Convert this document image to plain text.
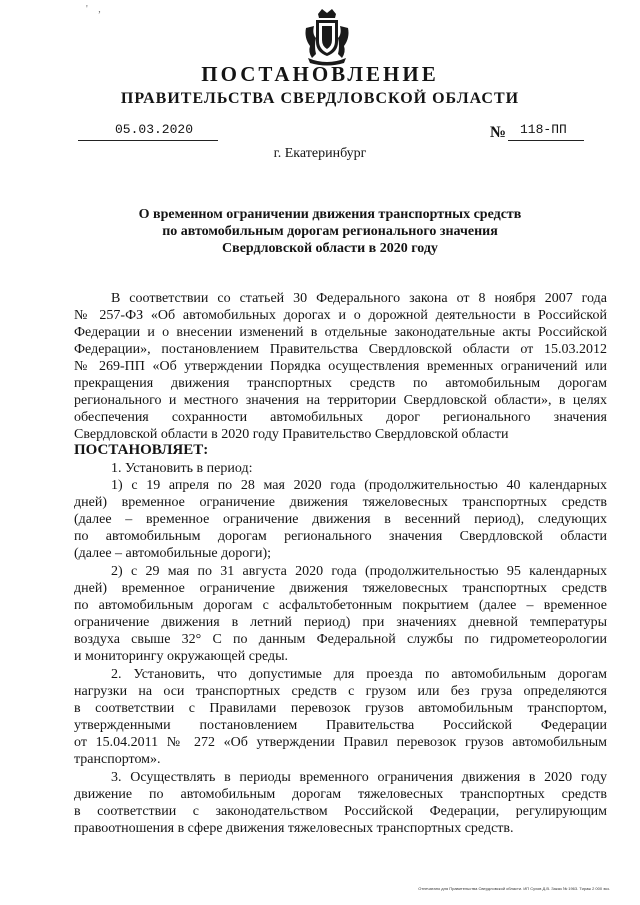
' ,
ПОСТАНОВЛЕНИЕ
ПРАВИТЕЛЬСТВА СВЕРДЛОВСКОЙ ОБЛАСТИ
05.03.2020	№ 118-ПП
г. Екатеринбург
О временном ограничении движения транспортных средств
по автомобильным дорогам регионального значения
Свердловской области в 2020 году
В соответствии со статьей 30 Федерального закона от 8 ноября 2007 года
№ 257-ФЗ «Об автомобильных дорогах и о дорожной деятельности в Российской
Федерации и о внесении изменений в отдельные законодательные акты Российской
Федерации», постановлением Правительства Свердловской области от 15.03.2012
№ 269-ПП «Об утверждении Порядка осуществления временных ограничений или
прекращения движения транспортных средств по автомобильным дорогам
регионального и местного значения на территории Свердловской области», в целях
обеспечения сохранности автомобильных дорог регионального значения
Свердловской области в 2020 году Правительство Свердловской области
ПОСТАНОВЛЯЕТ:
1. Установить в период:
1) с 19 апреля по 28 мая 2020 года (продолжительностью 40 календарных
дней) временное ограничение движения тяжеловесных транспортных средств
(далее – временное ограничение движения в весенний период), следующих
по автомобильным дорогам регионального значения Свердловской области
(далее – автомобильные дороги);
2) с 29 мая по 31 августа 2020 года (продолжительностью 95 календарных
дней) временное ограничение движения тяжеловесных транспортных средств
по автомобильным дорогам с асфальтобетонным покрытием (далее – временное
ограничение движения в летний период) при значениях дневной температуры
воздуха свыше 32° С по данным Федеральной службы по гидрометеорологии
и мониторингу окружающей среды.
2. Установить, что допустимые для проезда по автомобильным дорогам
нагрузки на оси транспортных средств с грузом или без груза определяются
в соответствии с Правилами перевозок грузов автомобильным транспортом,
утвержденными постановлением Правительства Российской Федерации
от 15.04.2011 № 272 «Об утверждении Правил перевозок грузов автомобильным
транспортом».
3. Осуществлять в периоды временного ограничения движения в 2020 году
движение по автомобильным дорогам тяжеловесных транспортных средств
в соответствии с законодательством Российской Федерации, регулирующим
правоотношения в сфере движения тяжеловесных транспортных средств.
Отпечатано для Правительства Свердловской области. ИП Сухов Д.В. Заказ № 1963. Тираж 2 000 экз.
